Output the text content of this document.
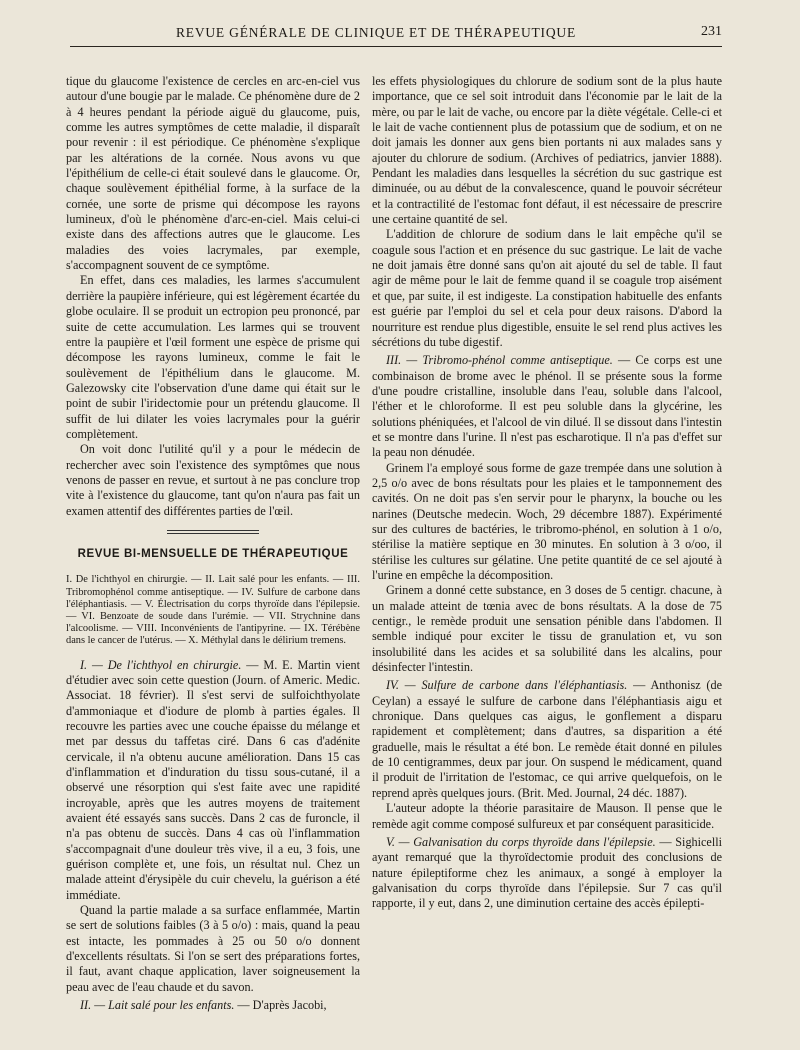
REVUE GÉNÉRALE DE CLINIQUE ET DE THÉRAPEUTIQUE	231

tique du glaucome l'existence de cercles en arc-en-ciel vus autour d'une bougie par le malade. Ce phénomène dure de 2 à 4 heures pendant la période aiguë du glaucome, puis, comme les autres symptômes de cette maladie, il disparaît pour revenir : il est périodique. Ce phénomène s'explique par les altérations de la cornée. Nous avons vu que l'épithélium de celle-ci était soulevé dans le glaucome. Or, chaque soulèvement épithélial forme, à la surface de la cornée, une sorte de prisme qui décompose les rayons lumineux, d'où le phénomène d'arc-en-ciel. Mais celui-ci existe dans des affections autres que le glaucome. Les maladies des voies lacrymales, par exemple, s'accompagnent souvent de ce symptôme.

En effet, dans ces maladies, les larmes s'accumulent derrière la paupière inférieure, qui est légèrement écartée du globe oculaire. Il se produit un ectropion peu prononcé, par suite de cette accumulation. Les larmes qui se trouvent entre la paupière et l'œil forment une espèce de prisme qui décompose les rayons lumineux, comme le fait le soulèvement de l'épithélium dans le glaucome. M. Galezowsky cite l'observation d'une dame qui était sur le point de subir l'iridectomie pour un prétendu glaucome. Il suffit de lui dilater les voies lacrymales pour la guérir complètement.

On voit donc l'utilité qu'il y a pour le médecin de rechercher avec soin l'existence des symptômes que nous venons de passer en revue, et surtout à ne pas conclure trop vite à l'existence du glaucome, tant qu'on n'aura pas fait un examen attentif des différentes parties de l'œil.

REVUE BI-MENSUELLE DE THÉRAPEUTIQUE

I. De l'ichthyol en chirurgie. — II. Lait salé pour les enfants. — III. Tribromophénol comme antiseptique. — IV. Sulfure de carbone dans l'éléphantiasis. — V. Électrisation du corps thyroïde dans l'épilepsie. — VI. Benzoate de soude dans l'urémie. — VII. Strychnine dans l'alcoolisme. — VIII. Inconvénients de l'antipyrine. — IX. Térébène dans le cancer de l'utérus. — X. Méthylal dans le délirium tremens.

I. — De l'ichthyol en chirurgie. — M. E. Martin vient d'étudier avec soin cette question (Journ. of Americ. Medic. Associat. 18 février). Il s'est servi de sulfoichthyolate d'ammoniaque et d'iodure de plomb à parties égales. Il recouvre les parties avec une couche épaisse du mélange et met par dessus du taffetas ciré. Dans 6 cas d'adénite cervicale, il n'a obtenu aucune amélioration. Dans 15 cas d'inflammation et d'induration du tissu sous-cutané, il a observé une résorption qui s'est faite avec une rapidité incroyable, après que les autres moyens de traitement avaient été essayés sans succès. Dans 2 cas de furoncle, il n'a pas obtenu de succès. Dans 4 cas où l'inflammation s'accompagnait d'une douleur très vive, il a eu, 3 fois, une guérison complète et, une fois, un résultat nul. Chez un malade atteint d'érysipèle du cuir chevelu, la guérison a été immédiate.

Quand la partie malade a sa surface enflammée, Martin se sert de solutions faibles (3 à 5 o/o) : mais, quand la peau est intacte, les pommades à 25 ou 50 o/o donnent d'excellents résultats. Si l'on se sert des préparations fortes, il faut, avant chaque application, laver soigneusement la peau avec de l'eau chaude et du savon.

II. — Lait salé pour les enfants. — D'après Jacobi,

les effets physiologiques du chlorure de sodium sont de la plus haute importance, que ce sel soit introduit dans l'économie par le lait de la mère, ou par le lait de vache, ou encore par la diète végétale. Celle-ci et le lait de vache contiennent plus de potassium que de sodium, et on ne doit jamais les donner aux gens bien portants ni aux malades sans y ajouter du chlorure de sodium. (Archives of pediatrics, janvier 1888). Pendant les maladies dans lesquelles la sécrétion du suc gastrique est diminuée, ou au début de la convalescence, quand le pouvoir sécréteur et la contractilité de l'estomac font défaut, il est nécessaire de prescrire une certaine quantité de sel.

L'addition de chlorure de sodium dans le lait empêche qu'il se coagule sous l'action et en présence du suc gastrique. Le lait de vache ne doit jamais être donné sans qu'on ait ajouté du sel de table. Il faut agir de même pour le lait de femme quand il se coagule trop aisément et que, par suite, il est indigeste. La constipation habituelle des enfants est guérie par l'emploi du sel et cela pour deux raisons. D'abord la nourriture est rendue plus digestible, ensuite le sel rend plus actives les sécrétions du tube digestif.

III. — Tribromo-phénol comme antiseptique. — Ce corps est une combinaison de brome avec le phénol. Il se présente sous la forme d'une poudre cristalline, insoluble dans l'eau, soluble dans l'alcool, l'éther et le chloroforme. Il est peu soluble dans la glycérine, les solutions phéniquées, et l'alcool de vin dilué. Il se dissout dans l'intestin et se montre dans l'urine. Il n'est pas escharotique. Il n'a pas d'effet sur la peau non dénudée.

Grinem l'a employé sous forme de gaze trempée dans une solution à 2,5 o/o avec de bons résultats pour les plaies et le tamponnement des cavités. On ne doit pas s'en servir pour le pharynx, la bouche ou les narines (Deutsche medecin. Woch, 29 décembre 1887). Expérimenté sur des cultures de bactéries, le tribromo-phénol, en solution à 1 o/o, stérilise la matière septique en 30 minutes. En solution à 3 o/oo, il stérilise les cultures sur gélatine. Une petite quantité de ce sel ajouté à l'urine en empêche la décomposition.

Grinem a donné cette substance, en 3 doses de 5 centigr. chacune, à un malade atteint de tœnia avec de bons résultats. A la dose de 75 centigr., le remède produit une sensation pénible dans l'abdomen. Il semble indiqué pour exciter le tissu de granulation et, vu son insolubilité dans les acides et sa solubilité dans les alcalins, pour désinfecter l'intestin.

IV. — Sulfure de carbone dans l'éléphantiasis. — Anthonisz (de Ceylan) a essayé le sulfure de carbone dans l'éléphantiasis aigu et chronique. Dans quelques cas aigus, le gonflement a disparu rapidement et complètement; dans d'autres, sa disparition a été graduelle, mais le résultat a été bon. Le remède était donné en pilules de 10 centigrammes, deux par jour. On suspend le médicament, quand il produit de l'irritation de l'estomac, ce qui arrive quelquefois, on le reprend après quelques jours. (Brit. Med. Journal, 24 déc. 1887).

L'auteur adopte la théorie parasitaire de Mauson. Il pense que le remède agit comme composé sulfureux et par conséquent parasiticide.

V. — Galvanisation du corps thyroïde dans l'épilepsie. — Sighicelli ayant remarqué que la thyroïdectomie produit des conclusions de nature épileptiforme chez les animaux, a songé à employer la galvanisation du corps thyroïde dans l'épilepsie. Sur 7 cas qu'il rapporte, il y eut, dans 2, une diminution certaine des accès épilepti-
